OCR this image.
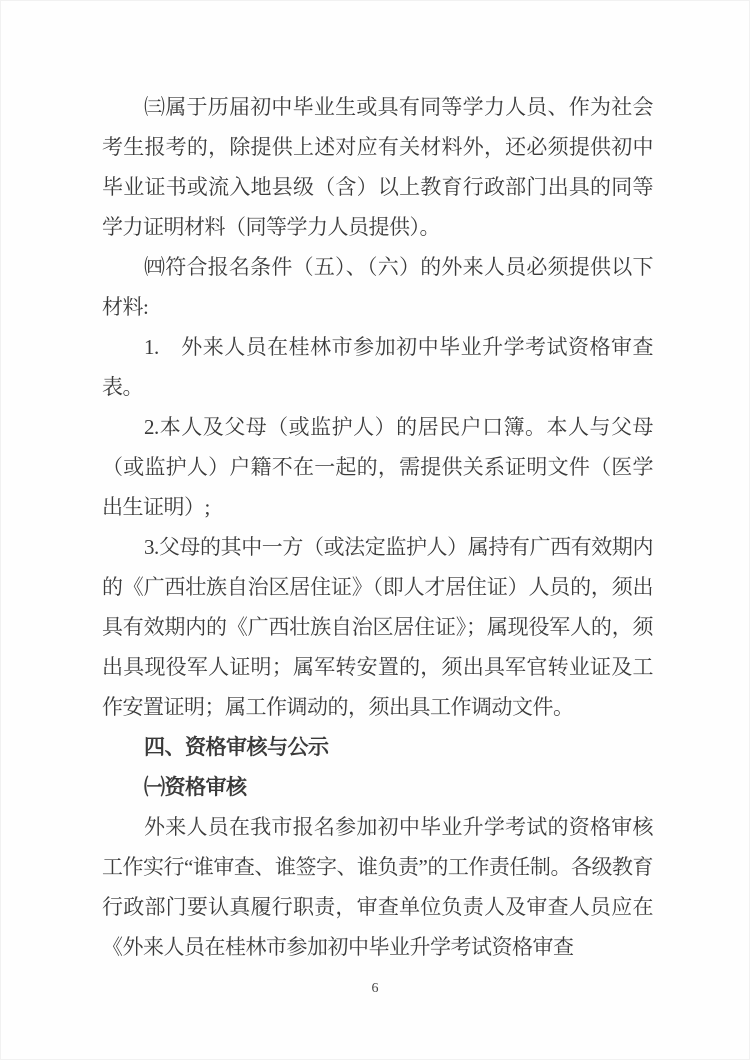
㈢属于历届初中毕业生或具有同等学力人员、作为社会考生报考的，除提供上述对应有关材料外，还必须提供初中毕业证书或流入地县级（含）以上教育行政部门出具的同等学力证明材料（同等学力人员提供）。

㈣符合报名条件（五）、（六）的外来人员必须提供以下材料:

1.　外来人员在桂林市参加初中毕业升学考试资格审查表。

2.本人及父母（或监护人）的居民户口簿。本人与父母（或监护人）户籍不在一起的，需提供关系证明文件（医学出生证明）;

3.父母的其中一方（或法定监护人）属持有广西有效期内的《广西壮族自治区居住证》（即人才居住证）人员的，须出具有效期内的《广西壮族自治区居住证》；属现役军人的，须出具现役军人证明；属军转安置的，须出具军官转业证及工作安置证明；属工作调动的，须出具工作调动文件。

四、资格审核与公示

㈠资格审核

外来人员在我市报名参加初中毕业升学考试的资格审核工作实行“谁审查、谁签字、谁负责”的工作责任制。各级教育行政部门要认真履行职责，审查单位负责人及审查人员应在《外来人员在桂林市参加初中毕业升学考试资格审查

6
